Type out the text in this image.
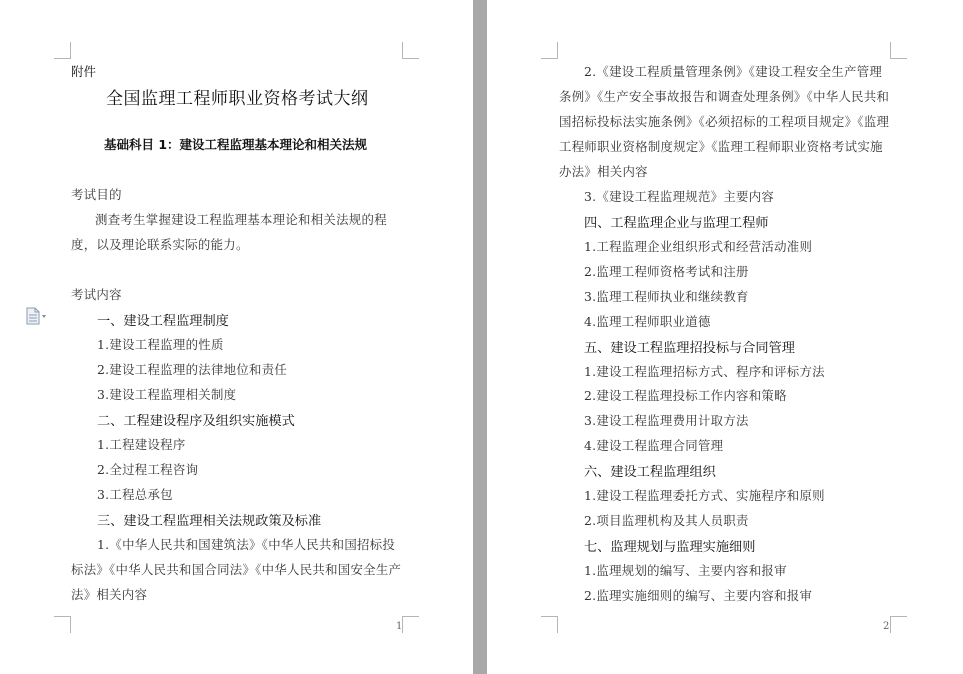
附件
全国监理工程师职业资格考试大纲
基础科目 1：建设工程监理基本理论和相关法规
考试目的
测查考生掌握建设工程监理基本理论和相关法规的程
度，以及理论联系实际的能力。
考试内容
一、建设工程监理制度
1.建设工程监理的性质
2.建设工程监理的法律地位和责任
3.建设工程监理相关制度
二、工程建设程序及组织实施模式
1.工程建设程序
2.全过程工程咨询
3.工程总承包
三、建设工程监理相关法规政策及标准
1.《中华人民共和国建筑法》《中华人民共和国招标投
标法》《中华人民共和国合同法》《中华人民共和国安全生产
法》相关内容
1
2.《建设工程质量管理条例》《建设工程安全生产管理
条例》《生产安全事故报告和调查处理条例》《中华人民共和
国招标投标法实施条例》《必须招标的工程项目规定》《监理
工程师职业资格制度规定》《监理工程师职业资格考试实施
办法》相关内容
3.《建设工程监理规范》主要内容
四、工程监理企业与监理工程师
1.工程监理企业组织形式和经营活动准则
2.监理工程师资格考试和注册
3.监理工程师执业和继续教育
4.监理工程师职业道德
五、建设工程监理招投标与合同管理
1.建设工程监理招标方式、程序和评标方法
2.建设工程监理投标工作内容和策略
3.建设工程监理费用计取方法
4.建设工程监理合同管理
六、建设工程监理组织
1.建设工程监理委托方式、实施程序和原则
2.项目监理机构及其人员职责
七、监理规划与监理实施细则
1.监理规划的编写、主要内容和报审
2.监理实施细则的编写、主要内容和报审
2
